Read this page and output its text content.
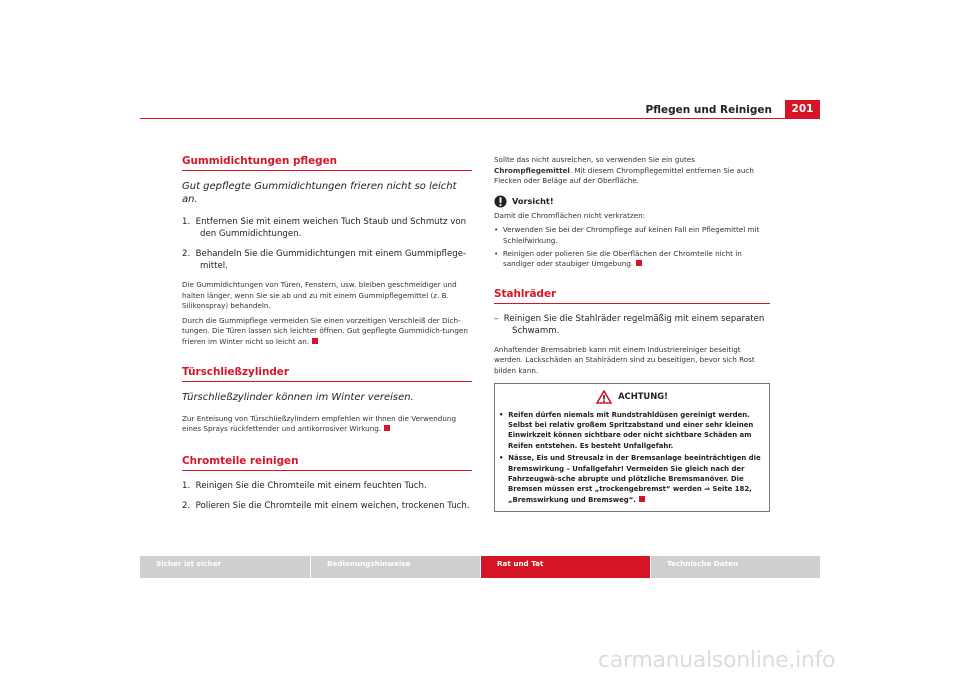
Pflegen und Reinigen	201
Gummidichtungen pflegen
Gut gepflegte Gummidichtungen frieren nicht so leicht an.
1.  Entfernen Sie mit einem weichen Tuch Staub und Schmutz von den Gummidichtungen.
2.  Behandeln Sie die Gummidichtungen mit einem Gummipflege-mittel.
Die Gummidichtungen von Türen, Fenstern, usw. bleiben geschmeidiger und halten länger, wenn Sie sie ab und zu mit einem Gummipflegemittel (z. B. Silikonspray) behandeln.
Durch die Gummipflege vermeiden Sie einen vorzeitigen Verschleiß der Dich-tungen. Die Türen lassen sich leichter öffnen. Gut gepflegte Gummidich-tungen frieren im Winter nicht so leicht an.
Türschließzylinder
Türschließzylinder können im Winter vereisen.
Zur Enteisung von Türschließzylindern empfehlen wir Ihnen die Verwendung eines Sprays rückfettender und antikorrosiver Wirkung.
Chromteile reinigen
1.  Reinigen Sie die Chromteile mit einem feuchten Tuch.
2.  Polieren Sie die Chromteile mit einem weichen, trockenen Tuch.
Sollte das nicht ausreichen, so verwenden Sie ein gutes Chrompflegemittel. Mit diesem Chrompflegemittel entfernen Sie auch Flecken oder Beläge auf der Oberfläche.
Vorsicht!
Damit die Chromflächen nicht verkratzen:
•  Verwenden Sie bei der Chrompflege auf keinen Fall ein Pflegemittel mit Schleifwirkung.
•  Reinigen oder polieren Sie die Oberflächen der Chromteile nicht in sandiger oder staubiger Umgebung.
Stahlräder
–  Reinigen Sie die Stahlräder regelmäßig mit einem separaten Schwamm.
Anhaftender Bremsabrieb kann mit einem Industriereiniger beseitigt werden. Lackschäden an Stahlrädern sind zu beseitigen, bevor sich Rost bilden kann.
ACHTUNG!
•  Reifen dürfen niemals mit Rundstrahldüsen gereinigt werden. Selbst bei relativ großem Spritzabstand und einer sehr kleinen Einwirkzeit können sichtbare oder nicht sichtbare Schäden am Reifen entstehen. Es besteht Unfallgefahr.
•  Nässe, Eis und Streusalz in der Bremsanlage beeinträchtigen die Bremswirkung – Unfallgefahr! Vermeiden Sie gleich nach der Fahrzeugwä-sche abrupte und plötzliche Bremsmanöver. Die Bremsen müssen erst „trockengebremst“ werden ⇒ Seite 182, „Bremswirkung und Bremsweg“.
Sicher ist sicher	Bedienungshinweise	Rat und Tat	Technische Daten
carmanualsonline.info
